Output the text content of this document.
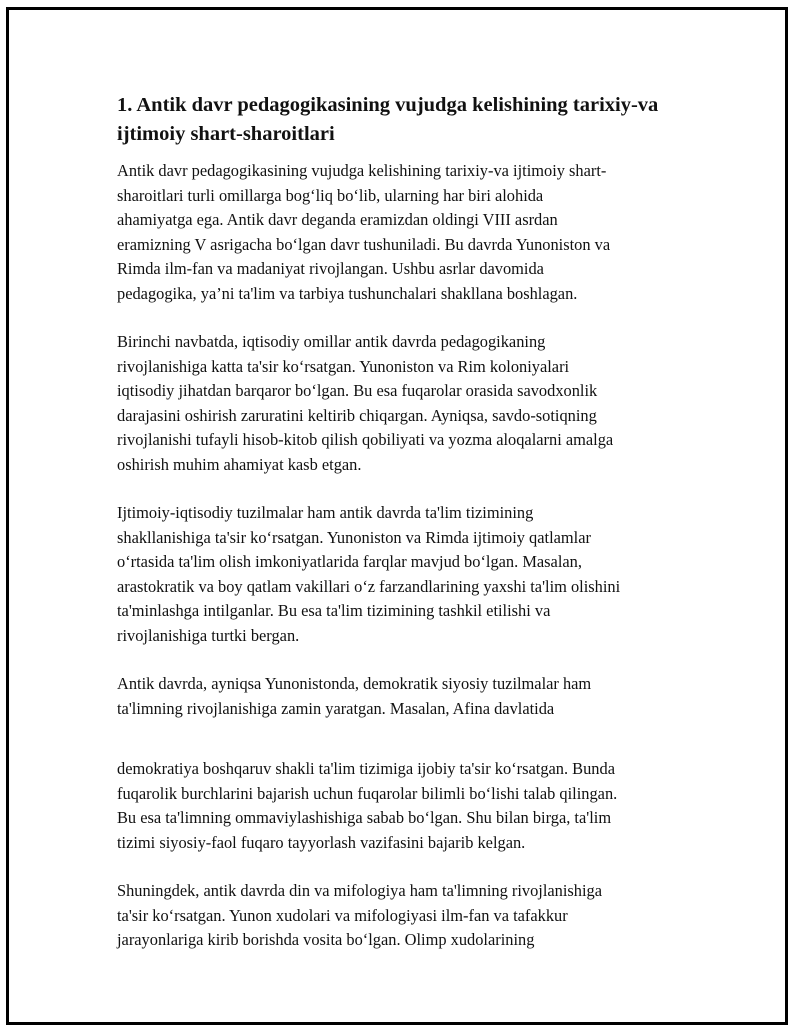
1. Antik davr pedagogikasining vujudga kelishining tarixiy-va
ijtimoiy shart-sharoitlari

Antik davr pedagogikasining vujudga kelishining tarixiy-va ijtimoiy shart-
sharoitlari turli omillarga bog‘liq bo‘lib, ularning har biri alohida
ahamiyatga ega. Antik davr deganda eramizdan oldingi VIII asrdan
eramizning V asrigacha bo‘lgan davr tushuniladi. Bu davrda Yunoniston va
Rimda ilm-fan va madaniyat rivojlangan. Ushbu asrlar davomida
pedagogika, ya’ni ta'lim va tarbiya tushunchalari shakllana boshlagan.

Birinchi navbatda, iqtisodiy omillar antik davrda pedagogikaning
rivojlanishiga katta ta'sir ko‘rsatgan. Yunoniston va Rim koloniyalari
iqtisodiy jihatdan barqaror bo‘lgan. Bu esa fuqarolar orasida savodxonlik
darajasini oshirish zaruratini keltirib chiqargan. Ayniqsa, savdo-sotiqning
rivojlanishi tufayli hisob-kitob qilish qobiliyati va yozma aloqalarni amalga
oshirish muhim ahamiyat kasb etgan.

Ijtimoiy-iqtisodiy tuzilmalar ham antik davrda ta'lim tizimining
shakllanishiga ta'sir ko‘rsatgan. Yunoniston va Rimda ijtimoiy qatlamlar
o‘rtasida ta'lim olish imkoniyatlarida farqlar mavjud bo‘lgan. Masalan,
arastokratik va boy qatlam vakillari o‘z farzandlarining yaxshi ta'lim olishini
ta'minlashga intilganlar. Bu esa ta'lim tizimining tashkil etilishi va
rivojlanishiga turtki bergan.

Antik davrda, ayniqsa Yunonistonda, demokratik siyosiy tuzilmalar ham
ta'limning rivojlanishiga zamin yaratgan. Masalan, Afina davlatida

demokratiya boshqaruv shakli ta'lim tizimiga ijobiy ta'sir ko‘rsatgan. Bunda
fuqarolik burchlarini bajarish uchun fuqarolar bilimli bo‘lishi talab qilingan.
Bu esa ta'limning ommaviylashishiga sabab bo‘lgan. Shu bilan birga, ta'lim
tizimi siyosiy-faol fuqaro tayyorlash vazifasini bajarib kelgan.

Shuningdek, antik davrda din va mifologiya ham ta'limning rivojlanishiga
ta'sir ko‘rsatgan. Yunon xudolari va mifologiyasi ilm-fan va tafakkur
jarayonlariga kirib borishda vosita bo‘lgan. Olimp xudolarining
